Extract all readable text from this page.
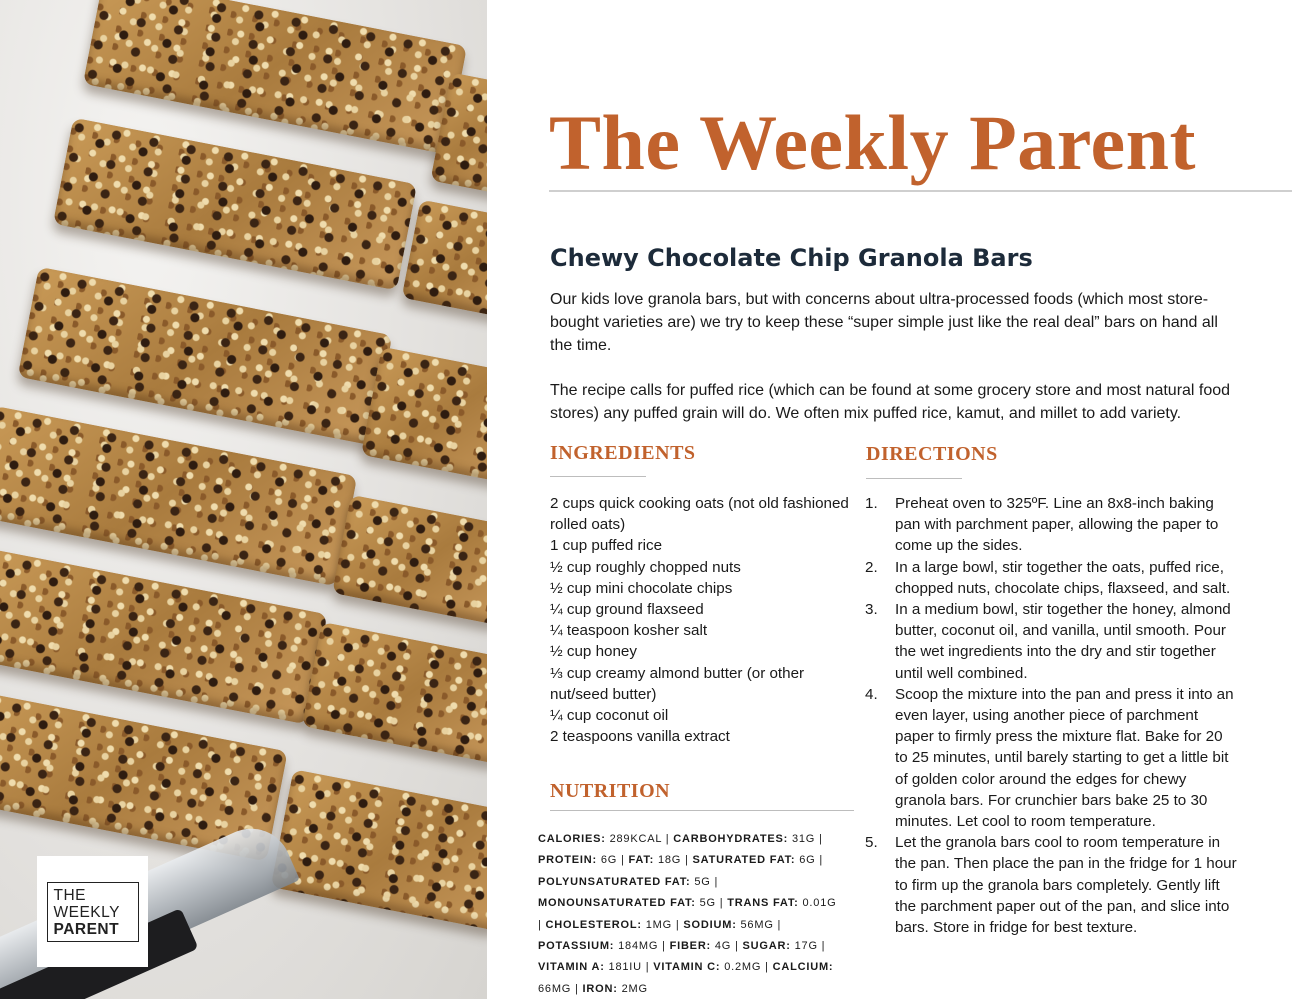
THE
WEEKLY
PARENT
The Weekly Parent
Chewy Chocolate Chip Granola Bars

Our kids love granola bars, but with concerns about ultra-processed foods (which most store-bought varieties are) we try to keep these “super simple just like the real deal” bars on hand all the time.

The recipe calls for puffed rice (which can be found at some grocery store and most natural food stores) any puffed grain will do. We often mix puffed rice, kamut, and millet to add variety.

INGREDIENTS
2 cups quick cooking oats (not old fashioned rolled oats)
1 cup puffed rice
½ cup roughly chopped nuts
½ cup mini chocolate chips
¼ cup ground flaxseed
¼ teaspoon kosher salt
½ cup honey
⅓ cup creamy almond butter (or other nut/seed butter)
¼ cup coconut oil
2 teaspoons vanilla extract
DIRECTIONS
1. Preheat oven to 325ºF. Line an 8x8-inch baking pan with parchment paper, allowing the paper to come up the sides.
2. In a large bowl, stir together the oats, puffed rice, chopped nuts, chocolate chips, flaxseed, and salt.
3. In a medium bowl, stir together the honey, almond butter, coconut oil, and vanilla, until smooth. Pour the wet ingredients into the dry and stir together until well combined.
4. Scoop the mixture into the pan and press it into an even layer, using another piece of parchment paper to firmly press the mixture flat. Bake for 20 to 25 minutes, until barely starting to get a little bit of golden color around the edges for chewy granola bars. For crunchier bars bake 25 to 30 minutes. Let cool to room temperature.
5. Let the granola bars cool to room temperature in the pan. Then place the pan in the fridge for 1 hour to firm up the granola bars completely. Gently lift the parchment paper out of the pan, and slice into bars. Store in fridge for best texture.
NUTRITION

CALORIES: 289KCAL | CARBOHYDRATES: 31G | PROTEIN: 6G | FAT: 18G | SATURATED FAT: 6G | POLYUNSATURATED FAT: 5G | MONOUNSATURATED FAT: 5G | TRANS FAT: 0.01G | CHOLESTEROL: 1MG | SODIUM: 56MG | POTASSIUM: 184MG | FIBER: 4G | SUGAR: 17G | VITAMIN A: 181IU | VITAMIN C: 0.2MG | CALCIUM: 66MG | IRON: 2MG
